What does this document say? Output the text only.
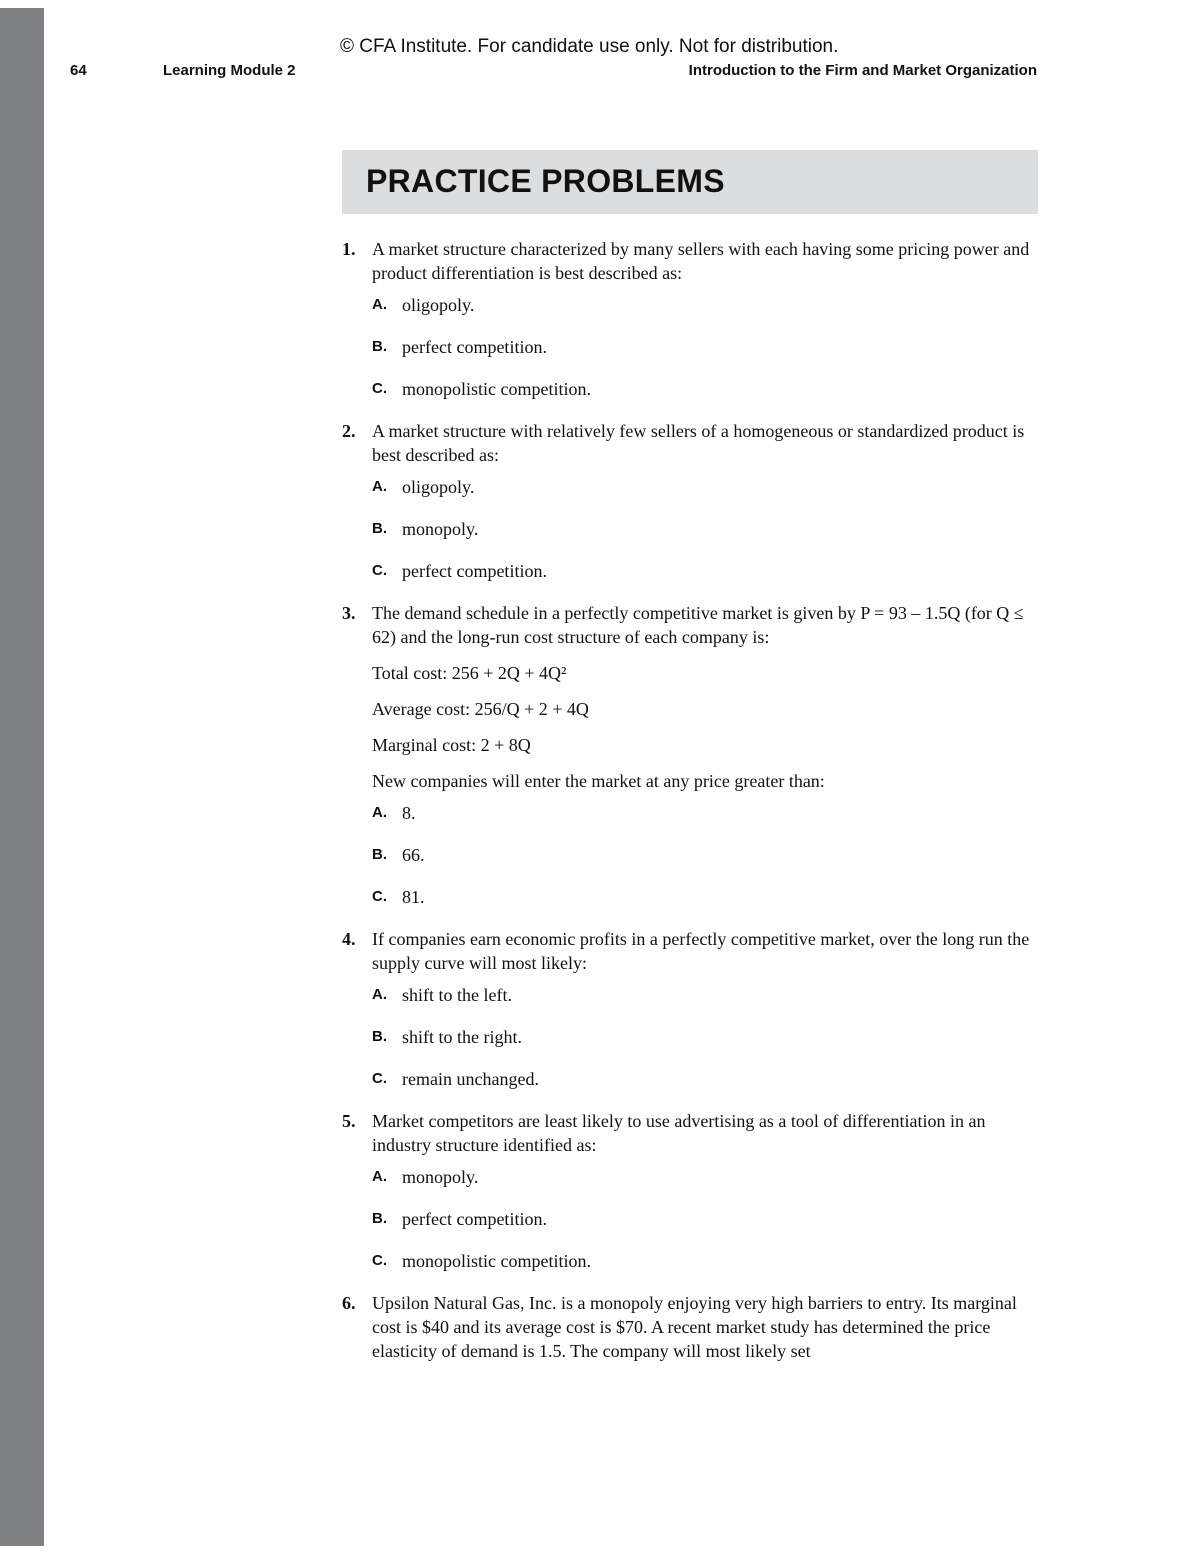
© CFA Institute. For candidate use only. Not for distribution.
64	Learning Module 2	Introduction to the Firm and Market Organization
PRACTICE PROBLEMS
1. A market structure characterized by many sellers with each having some pricing power and product differentiation is best described as:
A. oligopoly.
B. perfect competition.
C. monopolistic competition.
2. A market structure with relatively few sellers of a homogeneous or standardized product is best described as:
A. oligopoly.
B. monopoly.
C. perfect competition.
3. The demand schedule in a perfectly competitive market is given by P = 93 – 1.5Q (for Q ≤ 62) and the long-run cost structure of each company is:
Total cost: 256 + 2Q + 4Q²
Average cost: 256/Q + 2 + 4Q
Marginal cost: 2 + 8Q
New companies will enter the market at any price greater than:
A. 8.
B. 66.
C. 81.
4. If companies earn economic profits in a perfectly competitive market, over the long run the supply curve will most likely:
A. shift to the left.
B. shift to the right.
C. remain unchanged.
5. Market competitors are least likely to use advertising as a tool of differentiation in an industry structure identified as:
A. monopoly.
B. perfect competition.
C. monopolistic competition.
6. Upsilon Natural Gas, Inc. is a monopoly enjoying very high barriers to entry. Its marginal cost is $40 and its average cost is $70. A recent market study has determined the price elasticity of demand is 1.5. The company will most likely set
